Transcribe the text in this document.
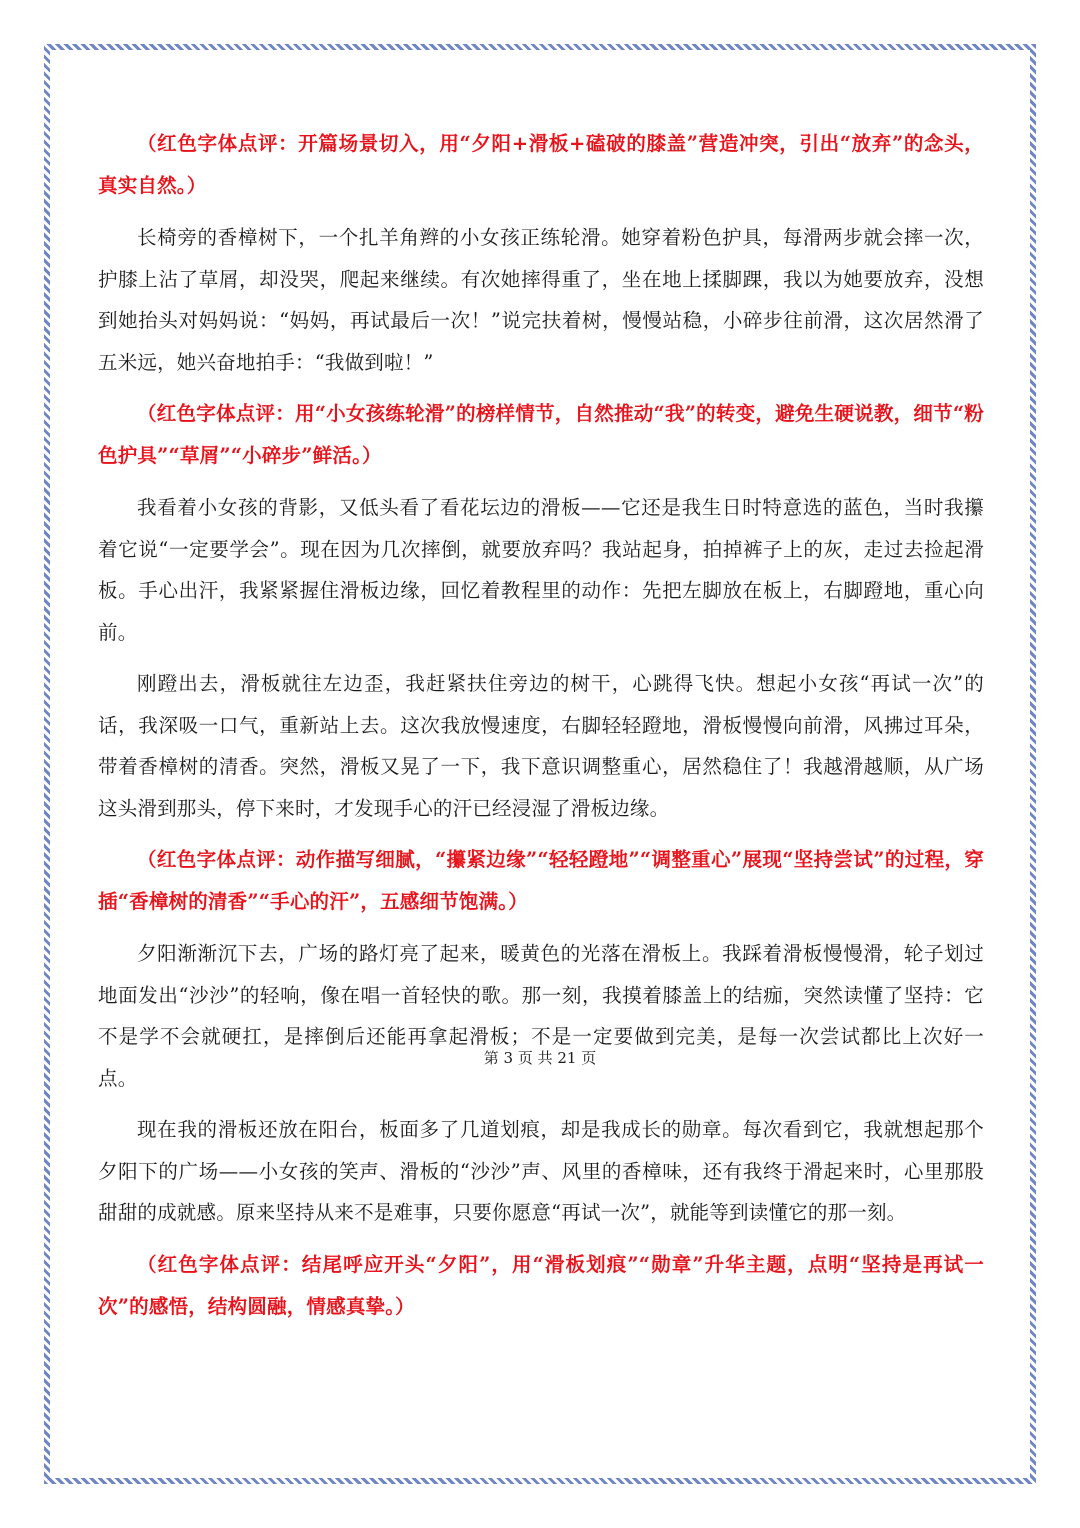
（红色字体点评：开篇场景切入，用“夕阳+滑板+磕破的膝盖”营造冲突，引出“放弃”的念头，真实自然。）

长椅旁的香樟树下，一个扎羊角辫的小女孩正练轮滑。她穿着粉色护具，每滑两步就会摔一次，护膝上沾了草屑，却没哭，爬起来继续。有次她摔得重了，坐在地上揉脚踝，我以为她要放弃，没想到她抬头对妈妈说：“妈妈，再试最后一次！”说完扶着树，慢慢站稳，小碎步往前滑，这次居然滑了五米远，她兴奋地拍手：“我做到啦！”

（红色字体点评：用“小女孩练轮滑”的榜样情节，自然推动“我”的转变，避免生硬说教，细节“粉色护具”“草屑”“小碎步”鲜活。）

我看着小女孩的背影，又低头看了看花坛边的滑板——它还是我生日时特意选的蓝色，当时我攥着它说“一定要学会”。现在因为几次摔倒，就要放弃吗？我站起身，拍掉裤子上的灰，走过去捡起滑板。手心出汗，我紧紧握住滑板边缘，回忆着教程里的动作：先把左脚放在板上，右脚蹬地，重心向前。

刚蹬出去，滑板就往左边歪，我赶紧扶住旁边的树干，心跳得飞快。想起小女孩“再试一次”的话，我深吸一口气，重新站上去。这次我放慢速度，右脚轻轻蹬地，滑板慢慢向前滑，风拂过耳朵，带着香樟树的清香。突然，滑板又晃了一下，我下意识调整重心，居然稳住了！我越滑越顺，从广场这头滑到那头，停下来时，才发现手心的汗已经浸湿了滑板边缘。

（红色字体点评：动作描写细腻，“攥紧边缘”“轻轻蹬地”“调整重心”展现“坚持尝试”的过程，穿插“香樟树的清香”“手心的汗”，五感细节饱满。）

夕阳渐渐沉下去，广场的路灯亮了起来，暖黄色的光落在滑板上。我踩着滑板慢慢滑，轮子划过地面发出“沙沙”的轻响，像在唱一首轻快的歌。那一刻，我摸着膝盖上的结痂，突然读懂了坚持：它不是学不会就硬扛，是摔倒后还能再拿起滑板；不是一定要做到完美，是每一次尝试都比上次好一点。

现在我的滑板还放在阳台，板面多了几道划痕，却是我成长的勋章。每次看到它，我就想起那个夕阳下的广场——小女孩的笑声、滑板的“沙沙”声、风里的香樟味，还有我终于滑起来时，心里那股甜甜的成就感。原来坚持从来不是难事，只要你愿意“再试一次”，就能等到读懂它的那一刻。

（红色字体点评：结尾呼应开头“夕阳”，用“滑板划痕”“勋章”升华主题，点明“坚持是再试一次”的感悟，结构圆融，情感真挚。）

第 3 页 共 21 页
